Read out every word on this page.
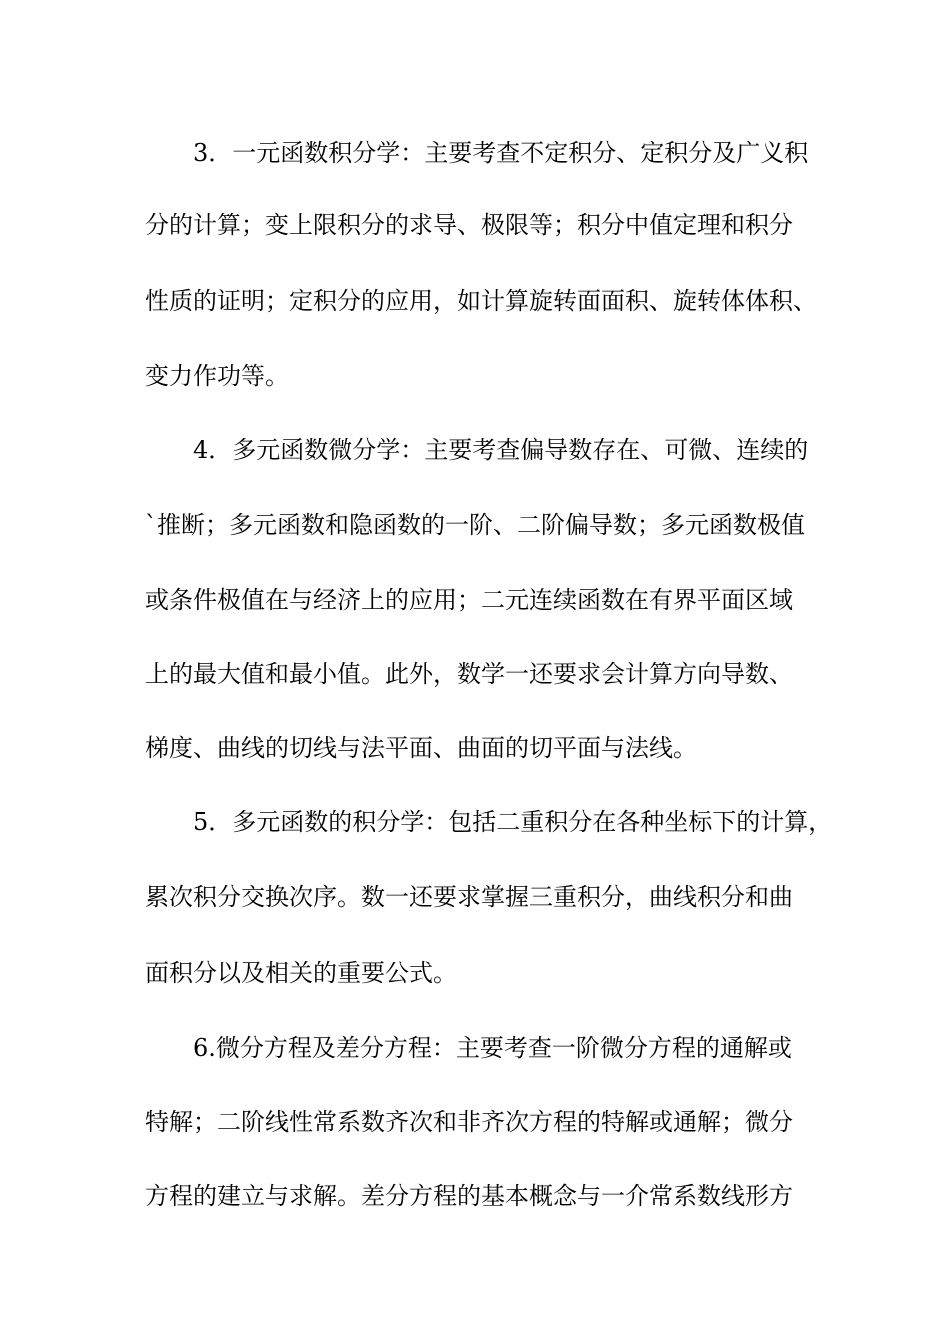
3．一元函数积分学：主要考查不定积分、定积分及广义积
分的计算；变上限积分的求导、极限等；积分中值定理和积分
性质的证明；定积分的应用，如计算旋转面面积、旋转体体积、
变力作功等。
4．多元函数微分学：主要考查偏导数存在、可微、连续的
`推断；多元函数和隐函数的一阶、二阶偏导数；多元函数极值
或条件极值在与经济上的应用；二元连续函数在有界平面区域
上的最大值和最小值。此外，数学一还要求会计算方向导数、
梯度、曲线的切线与法平面、曲面的切平面与法线。
5．多元函数的积分学：包括二重积分在各种坐标下的计算，
累次积分交换次序。数一还要求掌握三重积分，曲线积分和曲
面积分以及相关的重要公式。
6.微分方程及差分方程：主要考查一阶微分方程的通解或
特解；二阶线性常系数齐次和非齐次方程的特解或通解；微分
方程的建立与求解。差分方程的基本概念与一介常系数线形方
